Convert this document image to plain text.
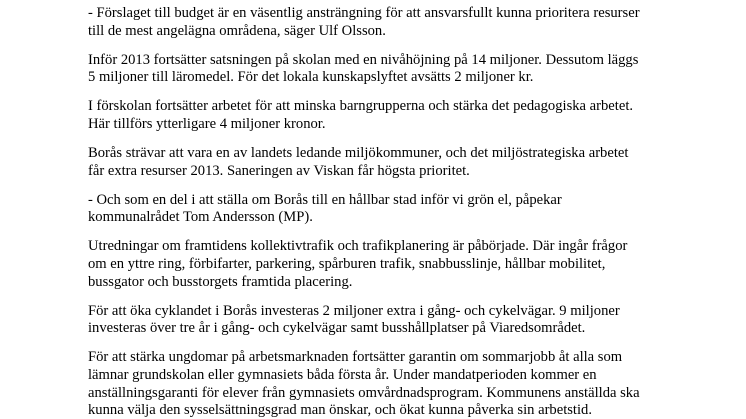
- Förslaget till budget är en väsentlig ansträngning för att ansvarsfullt kunna prioritera resurser
till de mest angelägna områdena, säger Ulf Olsson.

Inför 2013 fortsätter satsningen på skolan med en nivåhöjning på 14 miljoner. Dessutom läggs
5 miljoner till läromedel. För det lokala kunskapslyftet avsätts 2 miljoner kr.

I förskolan fortsätter arbetet för att minska barngrupperna och stärka det pedagogiska arbetet.
Här tillförs ytterligare 4 miljoner kronor.

Borås strävar att vara en av landets ledande miljökommuner, och det miljöstrategiska arbetet
får extra resurser 2013. Saneringen av Viskan får högsta prioritet.

- Och som en del i att ställa om Borås till en hållbar stad inför vi grön el, påpekar
kommunalrådet Tom Andersson (MP).

Utredningar om framtidens kollektivtrafik och trafikplanering är påbörjade. Där ingår frågor
om en yttre ring, förbifarter, parkering, spårburen trafik, snabbusslinje, hållbar mobilitet,
bussgator och busstorgets framtida placering.

För att öka cyklandet i Borås investeras 2 miljoner extra i gång- och cykelvägar. 9 miljoner
investeras över tre år i gång- och cykelvägar samt busshållplatser på Viaredsområdet.

För att stärka ungdomar på arbetsmarknaden fortsätter garantin om sommarjobb åt alla som
lämnar grundskolan eller gymnasiets båda första år. Under mandatperioden kommer en
anställningsgaranti för elever från gymnasiets omvårdnadsprogram. Kommunens anställda ska
kunna välja den sysselsättningsgrad man önskar, och ökat kunna påverka sin arbetstid.
